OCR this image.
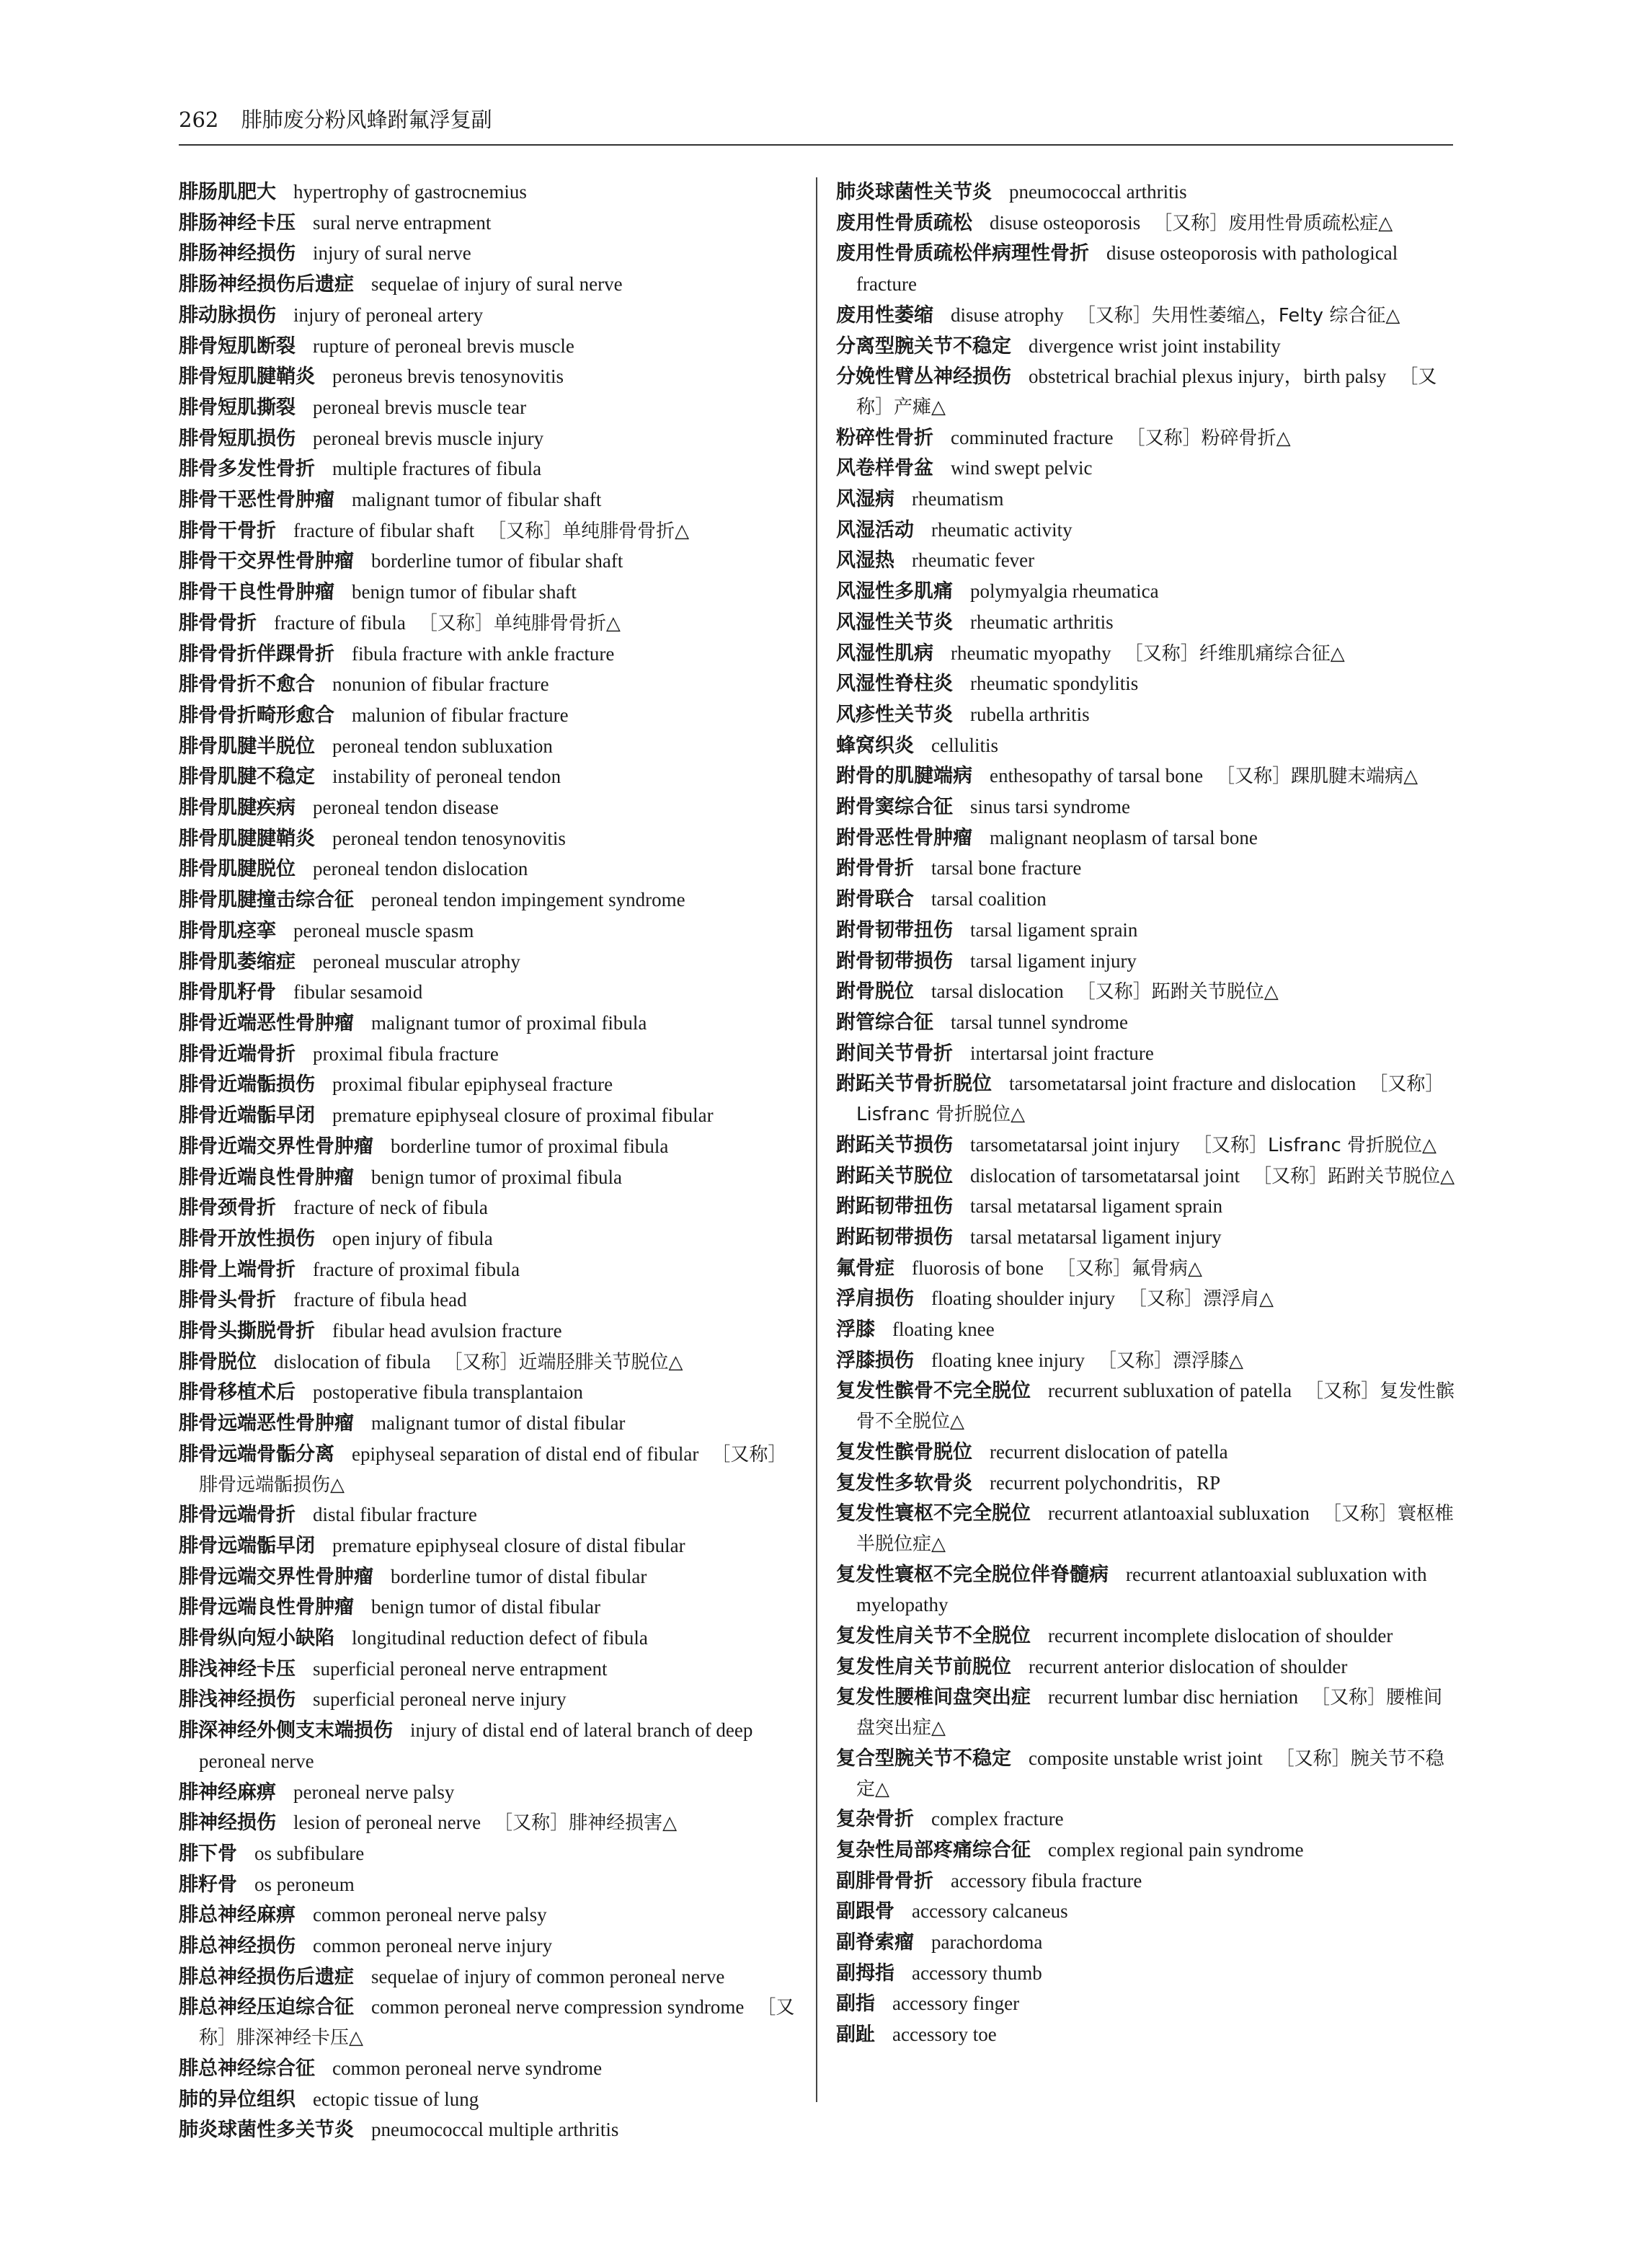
262 腓肺废分粉风蜂跗氟浮复副
腓肠肌肥大 hypertrophy of gastrocnemius
腓肠神经卡压 sural nerve entrapment
腓肠神经损伤 injury of sural nerve
腓肠神经损伤后遗症 sequelae of injury of sural nerve
腓动脉损伤 injury of peroneal artery
腓骨短肌断裂 rupture of peroneal brevis muscle
腓骨短肌腱鞘炎 peroneus brevis tenosynovitis
腓骨短肌撕裂 peroneal brevis muscle tear
腓骨短肌损伤 peroneal brevis muscle injury
腓骨多发性骨折 multiple fractures of fibula
腓骨干恶性骨肿瘤 malignant tumor of fibular shaft
腓骨干骨折 fracture of fibular shaft ［又称］单纯腓骨骨折△
腓骨干交界性骨肿瘤 borderline tumor of fibular shaft
腓骨干良性骨肿瘤 benign tumor of fibular shaft
腓骨骨折 fracture of fibula ［又称］单纯腓骨骨折△
腓骨骨折伴踝骨折 fibula fracture with ankle fracture
腓骨骨折不愈合 nonunion of fibular fracture
腓骨骨折畸形愈合 malunion of fibular fracture
腓骨肌腱半脱位 peroneal tendon subluxation
腓骨肌腱不稳定 instability of peroneal tendon
腓骨肌腱疾病 peroneal tendon disease
腓骨肌腱腱鞘炎 peroneal tendon tenosynovitis
腓骨肌腱脱位 peroneal tendon dislocation
腓骨肌腱撞击综合征 peroneal tendon impingement syndrome
腓骨肌痉挛 peroneal muscle spasm
腓骨肌萎缩症 peroneal muscular atrophy
腓骨肌籽骨 fibular sesamoid
腓骨近端恶性骨肿瘤 malignant tumor of proximal fibula
腓骨近端骨折 proximal fibula fracture
腓骨近端骺损伤 proximal fibular epiphyseal fracture
腓骨近端骺早闭 premature epiphyseal closure of proximal fibular
腓骨近端交界性骨肿瘤 borderline tumor of proximal fibula
腓骨近端良性骨肿瘤 benign tumor of proximal fibula
腓骨颈骨折 fracture of neck of fibula
腓骨开放性损伤 open injury of fibula
腓骨上端骨折 fracture of proximal fibula
腓骨头骨折 fracture of fibula head
腓骨头撕脱骨折 fibular head avulsion fracture
腓骨脱位 dislocation of fibula ［又称］近端胫腓关节脱位△
腓骨移植术后 postoperative fibula transplantaion
腓骨远端恶性骨肿瘤 malignant tumor of distal fibular
腓骨远端骨骺分离 epiphyseal separation of distal end of fibular ［又称］腓骨远端骺损伤△
腓骨远端骨折 distal fibular fracture
腓骨远端骺早闭 premature epiphyseal closure of distal fibular
腓骨远端交界性骨肿瘤 borderline tumor of distal fibular
腓骨远端良性骨肿瘤 benign tumor of distal fibular
腓骨纵向短小缺陷 longitudinal reduction defect of fibula
腓浅神经卡压 superficial peroneal nerve entrapment
腓浅神经损伤 superficial peroneal nerve injury
腓深神经外侧支末端损伤 injury of distal end of lateral branch of deep peroneal nerve
腓神经麻痹 peroneal nerve palsy
腓神经损伤 lesion of peroneal nerve ［又称］腓神经损害△
腓下骨 os subfibulare
腓籽骨 os peroneum
腓总神经麻痹 common peroneal nerve palsy
腓总神经损伤 common peroneal nerve injury
腓总神经损伤后遗症 sequelae of injury of common peroneal nerve
腓总神经压迫综合征 common peroneal nerve compression syndrome ［又称］腓深神经卡压△
腓总神经综合征 common peroneal nerve syndrome
肺的异位组织 ectopic tissue of lung
肺炎球菌性多关节炎 pneumococcal multiple arthritis
肺炎球菌性关节炎 pneumococcal arthritis
废用性骨质疏松 disuse osteoporosis ［又称］废用性骨质疏松症△
废用性骨质疏松伴病理性骨折 disuse osteoporosis with pathological fracture
废用性萎缩 disuse atrophy ［又称］失用性萎缩△，Felty 综合征△
分离型腕关节不稳定 divergence wrist joint instability
分娩性臂丛神经损伤 obstetrical brachial plexus injury，birth palsy ［又称］产瘫△
粉碎性骨折 comminuted fracture ［又称］粉碎骨折△
风卷样骨盆 wind swept pelvic
风湿病 rheumatism
风湿活动 rheumatic activity
风湿热 rheumatic fever
风湿性多肌痛 polymyalgia rheumatica
风湿性关节炎 rheumatic arthritis
风湿性肌病 rheumatic myopathy ［又称］纤维肌痛综合征△
风湿性脊柱炎 rheumatic spondylitis
风疹性关节炎 rubella arthritis
蜂窝织炎 cellulitis
跗骨的肌腱端病 enthesopathy of tarsal bone ［又称］踝肌腱末端病△
跗骨窦综合征 sinus tarsi syndrome
跗骨恶性骨肿瘤 malignant neoplasm of tarsal bone
跗骨骨折 tarsal bone fracture
跗骨联合 tarsal coalition
跗骨韧带扭伤 tarsal ligament sprain
跗骨韧带损伤 tarsal ligament injury
跗骨脱位 tarsal dislocation ［又称］跖跗关节脱位△
跗管综合征 tarsal tunnel syndrome
跗间关节骨折 intertarsal joint fracture
跗跖关节骨折脱位 tarsometatarsal joint fracture and dislocation ［又称］Lisfranc 骨折脱位△
跗跖关节损伤 tarsometatarsal joint injury ［又称］Lisfranc 骨折脱位△
跗跖关节脱位 dislocation of tarsometatarsal joint ［又称］跖跗关节脱位△
跗跖韧带扭伤 tarsal metatarsal ligament sprain
跗跖韧带损伤 tarsal metatarsal ligament injury
氟骨症 fluorosis of bone ［又称］氟骨病△
浮肩损伤 floating shoulder injury ［又称］漂浮肩△
浮膝 floating knee
浮膝损伤 floating knee injury ［又称］漂浮膝△
复发性髌骨不完全脱位 recurrent subluxation of patella ［又称］复发性髌骨不全脱位△
复发性髌骨脱位 recurrent dislocation of patella
复发性多软骨炎 recurrent polychondritis，RP
复发性寰枢不完全脱位 recurrent atlantoaxial subluxation ［又称］寰枢椎半脱位症△
复发性寰枢不完全脱位伴脊髓病 recurrent atlantoaxial subluxation with myelopathy
复发性肩关节不全脱位 recurrent incomplete dislocation of shoulder
复发性肩关节前脱位 recurrent anterior dislocation of shoulder
复发性腰椎间盘突出症 recurrent lumbar disc herniation ［又称］腰椎间盘突出症△
复合型腕关节不稳定 composite unstable wrist joint ［又称］腕关节不稳定△
复杂骨折 complex fracture
复杂性局部疼痛综合征 complex regional pain syndrome
副腓骨骨折 accessory fibula fracture
副跟骨 accessory calcaneus
副脊索瘤 parachordoma
副拇指 accessory thumb
副指 accessory finger
副趾 accessory toe
